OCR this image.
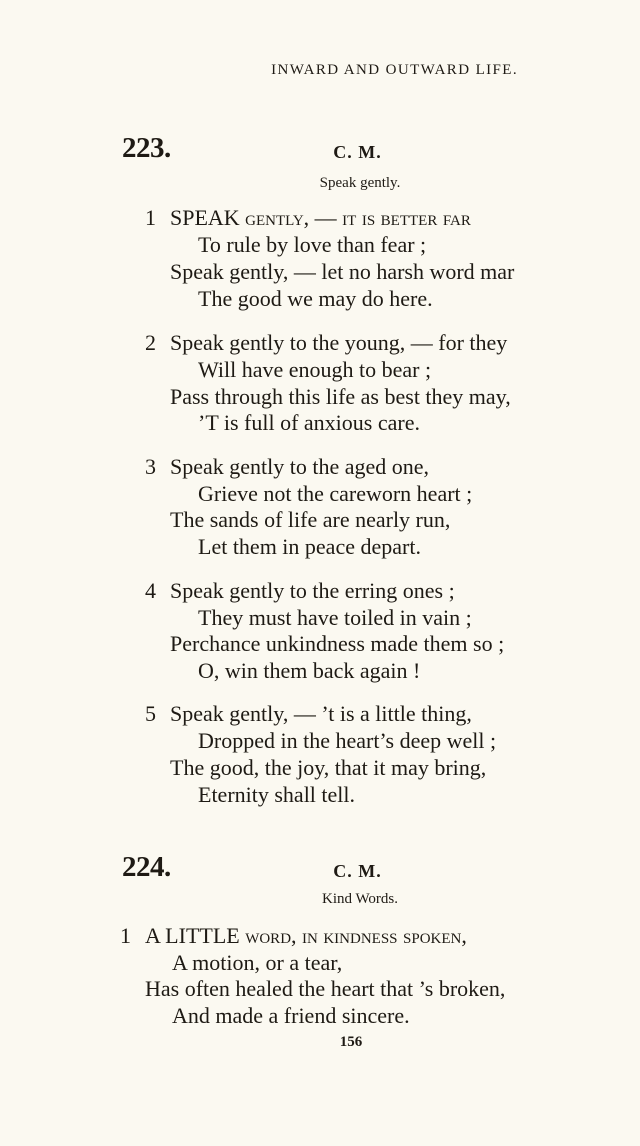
INWARD AND OUTWARD LIFE.
223.	C. M.
Speak gently.
1 SPEAK gently, — it is better far
To rule by love than fear ;
Speak gently, — let no harsh word mar
The good we may do here.
2 Speak gently to the young, — for they
Will have enough to bear ;
Pass through this life as best they may,
’T is full of anxious care.
3 Speak gently to the aged one,
Grieve not the careworn heart ;
The sands of life are nearly run,
Let them in peace depart.
4 Speak gently to the erring ones ;
They must have toiled in vain ;
Perchance unkindness made them so ;
O, win them back again !
5 Speak gently, — ’t is a little thing,
Dropped in the heart’s deep well ;
The good, the joy, that it may bring,
Eternity shall tell.
224.	C. M.
Kind Words.
1 A LITTLE word, in kindness spoken,
A motion, or a tear,
Has often healed the heart that ’s broken,
And made a friend sincere.
156
